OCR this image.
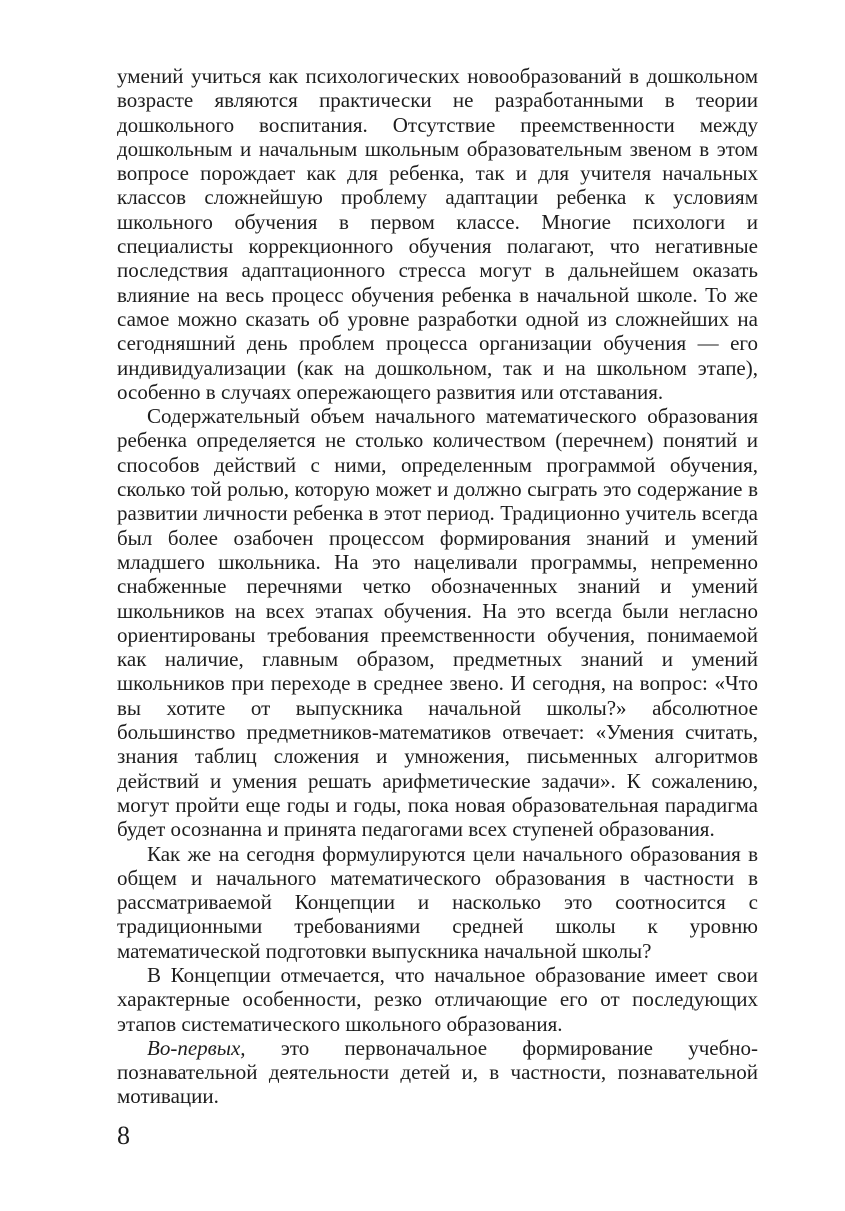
умений учиться как психологических новообразований в дошкольном возрасте являются практически не разработанными в теории дошкольного воспитания. Отсутствие преемственности между дошкольным и начальным школьным образовательным звеном в этом вопросе порождает как для ребенка, так и для учителя начальных классов сложнейшую проблему адаптации ребенка к условиям школьного обучения в первом классе. Многие психологи и специалисты коррекционного обучения полагают, что негативные последствия адаптационного стресса могут в дальнейшем оказать влияние на весь процесс обучения ребенка в начальной школе. То же самое можно сказать об уровне разработки одной из сложнейших на сегодняшний день проблем процесса организации обучения — его индивидуализации (как на дошкольном, так и на школьном этапе), особенно в случаях опережающего развития или отставания.

Содержательный объем начального математического образования ребенка определяется не столько количеством (перечнем) понятий и способов действий с ними, определенным программой обучения, сколько той ролью, которую может и должно сыграть это содержание в развитии личности ребенка в этот период. Традиционно учитель всегда был более озабочен процессом формирования знаний и умений младшего школьника. На это нацеливали программы, непременно снабженные перечнями четко обозначенных знаний и умений школьников на всех этапах обучения. На это всегда были негласно ориентированы требования преемственности обучения, понимаемой как наличие, главным образом, предметных знаний и умений школьников при переходе в среднее звено. И сегодня, на вопрос: «Что вы хотите от выпускника начальной школы?» абсолютное большинство предметников-математиков отвечает: «Умения считать, знания таблиц сложения и умножения, письменных алгоритмов действий и умения решать арифметические задачи». К сожалению, могут пройти еще годы и годы, пока новая образовательная парадигма будет осознанна и принята педагогами всех ступеней образования.

Как же на сегодня формулируются цели начального образования в общем и начального математического образования в частности в рассматриваемой Концепции и насколько это соотносится с традиционными требованиями средней школы к уровню математической подготовки выпускника начальной школы?

В Концепции отмечается, что начальное образование имеет свои характерные особенности, резко отличающие его от последующих этапов систематического школьного образования.

Во-первых, это первоначальное формирование учебно-познавательной деятельности детей и, в частности, познавательной мотивации.

8
